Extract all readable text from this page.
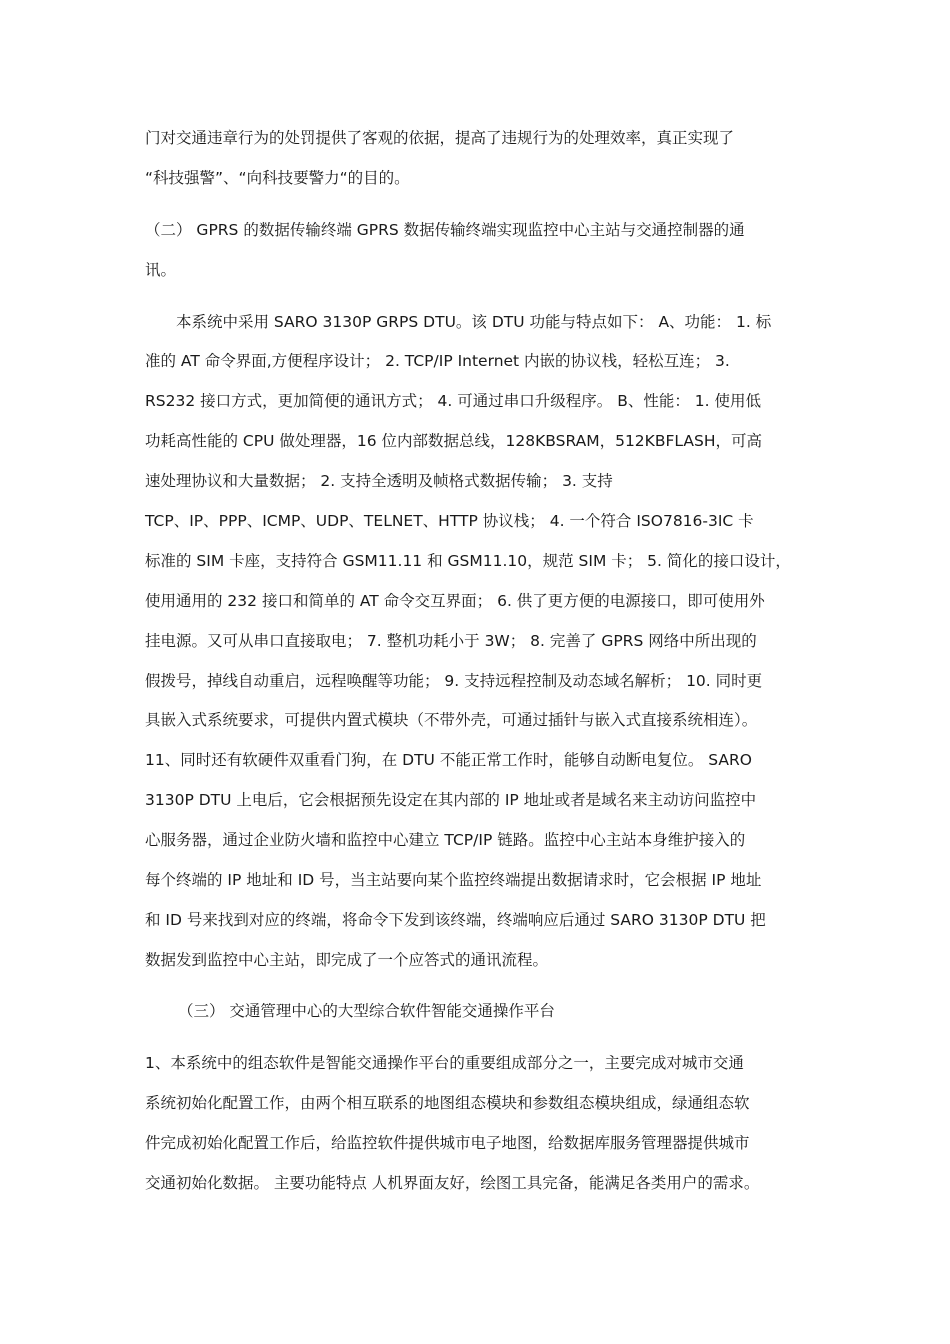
门对交通违章行为的处罚提供了客观的依据，提高了违规行为的处理效率，真正实现了
“科技强警”、“向科技要警力“的目的。
（二） GPRS 的数据传输终端 GPRS 数据传输终端实现监控中心主站与交通控制器的通
讯。
本系统中采用 SARO 3130P GRPS DTU。该 DTU 功能与特点如下： A、功能： 1. 标
准的 AT 命令界面,方便程序设计； 2. TCP/IP Internet 内嵌的协议栈，轻松互连； 3.
RS232 接口方式，更加简便的通讯方式； 4. 可通过串口升级程序。 B、性能： 1. 使用低
功耗高性能的 CPU 做处理器，16 位内部数据总线，128KBSRAM，512KBFLASH，可高
速处理协议和大量数据； 2. 支持全透明及帧格式数据传输； 3. 支持
TCP、IP、PPP、ICMP、UDP、TELNET、HTTP 协议栈； 4. 一个符合 ISO7816-3IC 卡
标准的 SIM 卡座，支持符合 GSM11.11 和 GSM11.10，规范 SIM 卡； 5. 简化的接口设计，
使用通用的 232 接口和简单的 AT 命令交互界面； 6. 供了更方便的电源接口，即可使用外
挂电源。又可从串口直接取电； 7. 整机功耗小于 3W； 8. 完善了 GPRS 网络中所出现的
假拨号，掉线自动重启，远程唤醒等功能； 9. 支持远程控制及动态域名解析； 10. 同时更
具嵌入式系统要求，可提供内置式模块（不带外壳，可通过插针与嵌入式直接系统相连）。
11、同时还有软硬件双重看门狗，在 DTU 不能正常工作时，能够自动断电复位。 SARO
3130P DTU 上电后，它会根据预先设定在其内部的 IP 地址或者是域名来主动访问监控中
心服务器，通过企业防火墙和监控中心建立 TCP/IP 链路。监控中心主站本身维护接入的
每个终端的 IP 地址和 ID 号，当主站要向某个监控终端提出数据请求时，它会根据 IP 地址
和 ID 号来找到对应的终端，将命令下发到该终端，终端响应后通过 SARO 3130P DTU 把
数据发到监控中心主站，即完成了一个应答式的通讯流程。
（三） 交通管理中心的大型综合软件智能交通操作平台
1、本系统中的组态软件是智能交通操作平台的重要组成部分之一，主要完成对城市交通
系统初始化配置工作，由两个相互联系的地图组态模块和参数组态模块组成，绿通组态软
件完成初始化配置工作后，给监控软件提供城市电子地图，给数据库服务管理器提供城市
交通初始化数据。 主要功能特点 人机界面友好，绘图工具完备，能满足各类用户的需求。
